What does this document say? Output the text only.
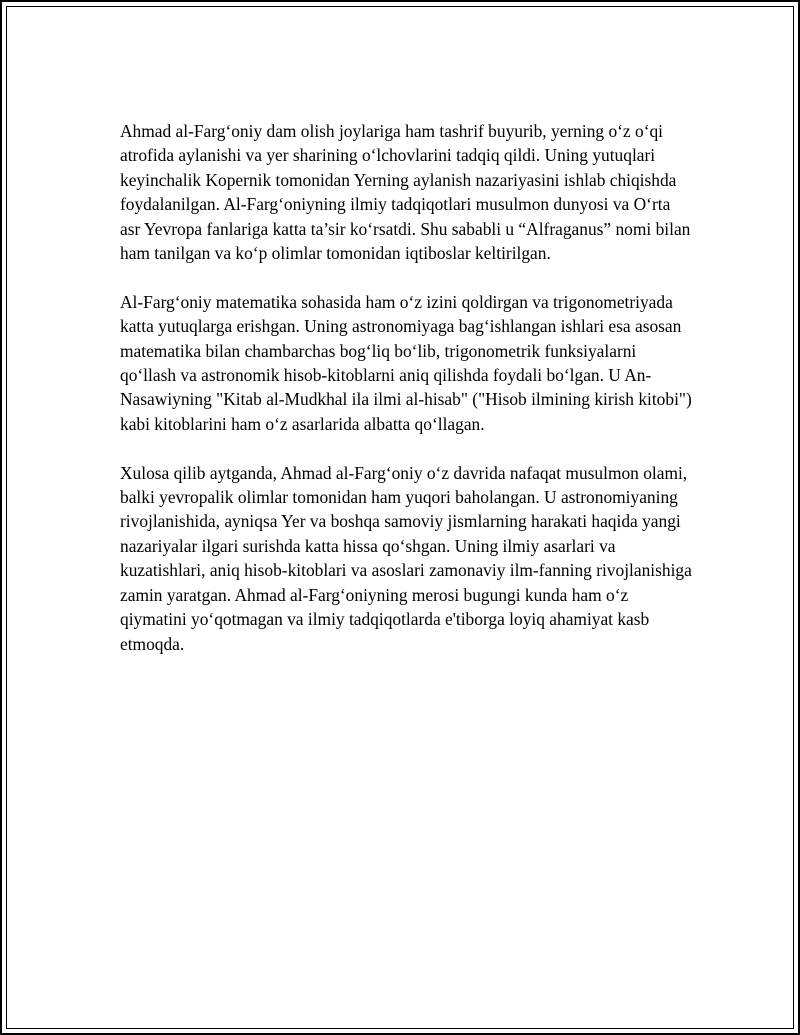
Ahmad al-Farg‘oniy dam olish joylariga ham tashrif buyurib, yerning o‘z o‘qi atrofida aylanishi va yer sharining o‘lchovlarini tadqiq qildi. Uning yutuqlari keyinchalik Kopernik tomonidan Yerning aylanish nazariyasini ishlab chiqishda foydalanilgan. Al-Farg‘oniyning ilmiy tadqiqotlari musulmon dunyosi va O‘rta asr Yevropa fanlariga katta ta’sir ko‘rsatdi. Shu sababli u “Alfraganus” nomi bilan ham tanilgan va ko‘p olimlar tomonidan iqtiboslar keltirilgan.

Al-Farg‘oniy matematika sohasida ham o‘z izini qoldirgan va trigonometriyada katta yutuqlarga erishgan. Uning astronomiyaga bag‘ishlangan ishlari esa asosan matematika bilan chambarchas bog‘liq bo‘lib, trigonometrik funksiyalarni qo‘llash va astronomik hisob-kitoblarni aniq qilishda foydali bo‘lgan. U An-Nasawiyning "Kitab al-Mudkhal ila ilmi al-hisab" ("Hisob ilmining kirish kitobi") kabi kitoblarini ham o‘z asarlarida albatta qo‘llagan.

Xulosa qilib aytganda, Ahmad al-Farg‘oniy o‘z davrida nafaqat musulmon olami, balki yevropalik olimlar tomonidan ham yuqori baholangan. U astronomiyaning rivojlanishida, ayniqsa Yer va boshqa samoviy jismlarning harakati haqida yangi nazariyalar ilgari surishda katta hissa qo‘shgan. Uning ilmiy asarlari va kuzatishlari, aniq hisob-kitoblari va asoslari zamonaviy ilm-fanning rivojlanishiga zamin yaratgan. Ahmad al-Farg‘oniyning merosi bugungi kunda ham o‘z qiymatini yo‘qotmagan va ilmiy tadqiqotlarda e'tiborga loyiq ahamiyat kasb etmoqda.
